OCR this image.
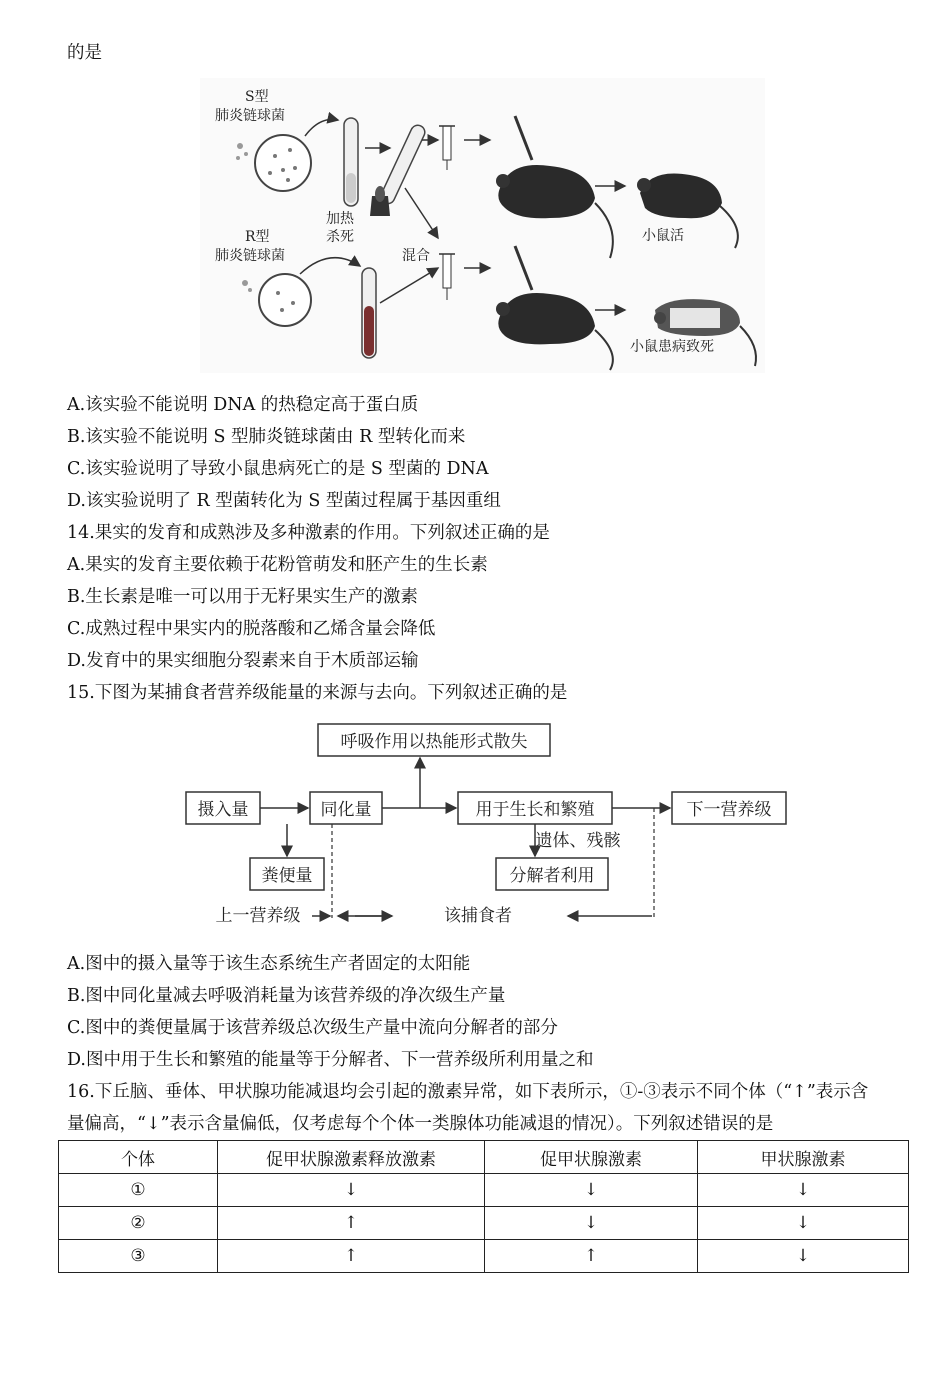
的是
S型
肺炎链球菌
加热
杀死	小鼠活
R型
肺炎链球菌	混合
小鼠患病致死
A.该实验不能说明 DNA 的热稳定高于蛋白质
B.该实验不能说明 S 型肺炎链球菌由 R 型转化而来
C.该实验说明了导致小鼠患病死亡的是 S 型菌的 DNA
D.该实验说明了 R 型菌转化为 S 型菌过程属于基因重组
14.果实的发育和成熟涉及多种激素的作用。下列叙述正确的是
A.果实的发育主要依赖于花粉管萌发和胚产生的生长素
B.生长素是唯一可以用于无籽果实生产的激素
C.成熟过程中果实内的脱落酸和乙烯含量会降低
D.发育中的果实细胞分裂素来自于木质部运输
15.下图为某捕食者营养级能量的来源与去向。下列叙述正确的是
呼吸作用以热能形式散失
摄入量	同化量	用于生长和繁殖	下一营养级
粪便量	分解者利用
遗体、残骸
上一营养级	该捕食者
A.图中的摄入量等于该生态系统生产者固定的太阳能
B.图中同化量减去呼吸消耗量为该营养级的净次级生产量
C.图中的粪便量属于该营养级总次级生产量中流向分解者的部分
D.图中用于生长和繁殖的能量等于分解者、下一营养级所利用量之和
16.下丘脑、垂体、甲状腺功能减退均会引起的激素异常，如下表所示，①-③表示不同个体（“↑”表示含
量偏高，“↓”表示含量偏低，仅考虑每个个体一类腺体功能减退的情况）。下列叙述错误的是
个体	促甲状腺激素释放激素	促甲状腺激素	甲状腺激素
①	↓	↓	↓
②	↑	↓	↓
③	↑	↑	↓
